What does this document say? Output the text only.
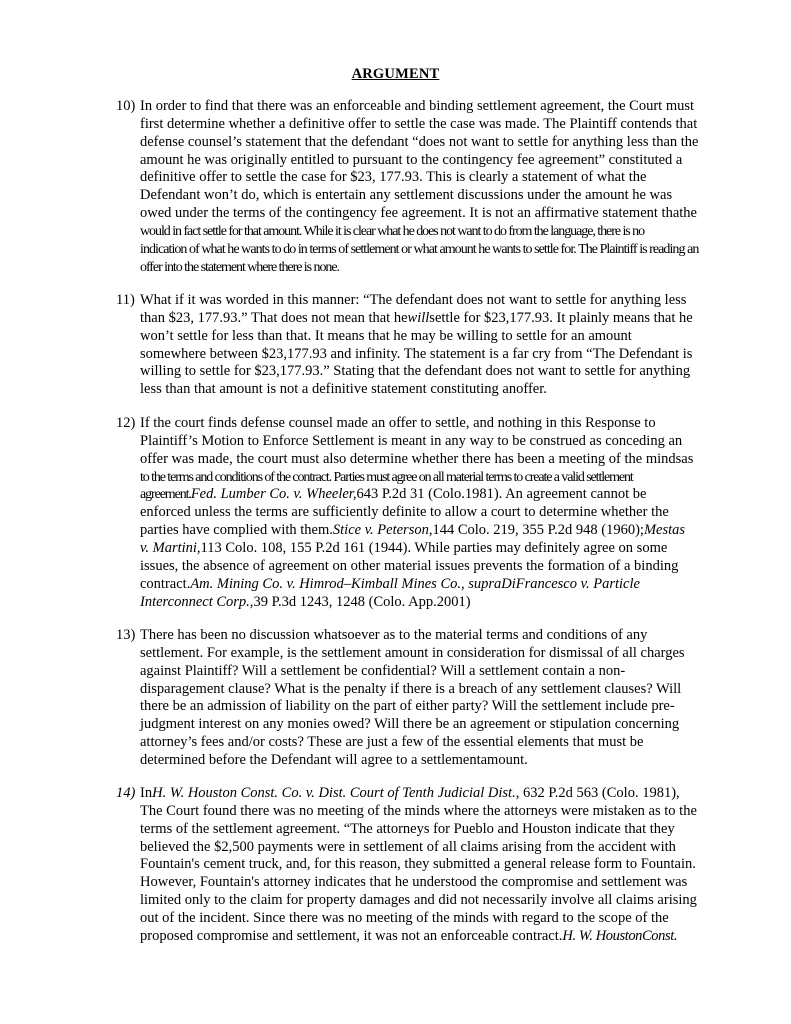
ARGUMENT
10) In order to find that there was an enforceable and binding settlement agreement, the Court must
first determine whether a definitive offer to settle the case was made. The Plaintiff contends that
defense counsel’s statement that the defendant “does not want to settle for anything less than the
amount he was originally entitled to pursuant to the contingency fee agreement” constituted a
definitive offer to settle the case for $23, 177.93. This is clearly a statement of what the
Defendant won’t do, which is entertain any settlement discussions under the amount he was
owed under the terms of the contingency fee agreement. It is not an affirmative statement thathe
would in fact settle for that amount. While it is clear what he does not want to do from the language, there is no
indication of what he wants to do in terms of settlement or what amount he wants to settle for. The Plaintiff is reading an
offer into the statement where there is none.
11) What if it was worded in this manner: “The defendant does not want to settle for anything less
than $23, 177.93.” That does not mean that hewillsettle for $23,177.93. It plainly means that he
won’t settle for less than that. It means that he may be willing to settle for an amount
somewhere between $23,177.93 and infinity. The statement is a far cry from “The Defendant is
willing to settle for $23,177.93.” Stating that the defendant does not want to settle for anything
less than that amount is not a definitive statement constituting anoffer.
12) If the court finds defense counsel made an offer to settle, and nothing in this Response to
Plaintiff’s Motion to Enforce Settlement is meant in any way to be construed as conceding an
offer was made, the court must also determine whether there has been a meeting of the mindsas
to the terms and conditions of the contract. Parties must agree on all material terms to create a valid settlement
agreement.Fed. Lumber Co. v. Wheeler,643 P.2d 31 (Colo.1981). An agreement cannot be
enforced unless the terms are sufficiently definite to allow a court to determine whether the
parties have complied with them.Stice v. Peterson,144 Colo. 219, 355 P.2d 948 (1960);Mestas
v. Martini,113 Colo. 108, 155 P.2d 161 (1944). While parties may definitely agree on some
issues, the absence of agreement on other material issues prevents the formation of a binding
contract.Am. Mining Co. v. Himrod–Kimball Mines Co., supraDiFrancesco v. Particle
Interconnect Corp.,39 P.3d 1243, 1248 (Colo. App.2001)
13) There has been no discussion whatsoever as to the material terms and conditions of any
settlement. For example, is the settlement amount in consideration for dismissal of all charges
against Plaintiff? Will a settlement be confidential? Will a settlement contain a non-
disparagement clause? What is the penalty if there is a breach of any settlement clauses? Will
there be an admission of liability on the part of either party? Will the settlement include pre-
judgment interest on any monies owed? Will there be an agreement or stipulation concerning
attorney’s fees and/or costs? These are just a few of the essential elements that must be
determined before the Defendant will agree to a settlementamount.
14) InH. W. Houston Const. Co. v. Dist. Court of Tenth Judicial Dist., 632 P.2d 563 (Colo. 1981),
The Court found there was no meeting of the minds where the attorneys were mistaken as to the
terms of the settlement agreement. “The attorneys for Pueblo and Houston indicate that they
believed the $2,500 payments were in settlement of all claims arising from the accident with
Fountain's cement truck, and, for this reason, they submitted a general release form to Fountain.
However, Fountain's attorney indicates that he understood the compromise and settlement was
limited only to the claim for property damages and did not necessarily involve all claims arising
out of the incident. Since there was no meeting of the minds with regard to the scope of the
proposed compromise and settlement, it was not an enforceable contract.H. W. HoustonConst.
